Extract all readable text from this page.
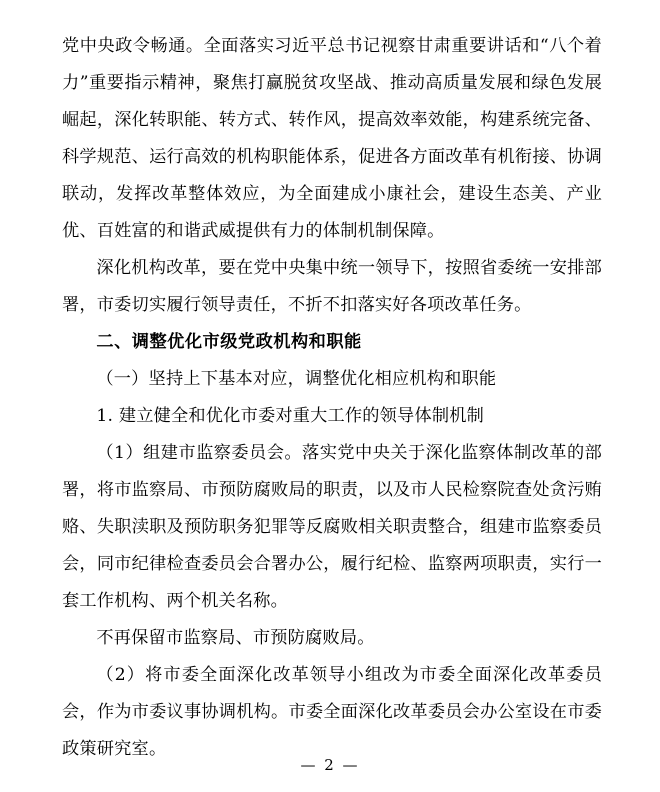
党中央政令畅通。全面落实习近平总书记视察甘肃重要讲话和“八个着力”重要指示精神，聚焦打赢脱贫攻坚战、推动高质量发展和绿色发展崛起，深化转职能、转方式、转作风，提高效率效能，构建系统完备、科学规范、运行高效的机构职能体系，促进各方面改革有机衔接、协调联动，发挥改革整体效应，为全面建成小康社会，建设生态美、产业优、百姓富的和谐武威提供有力的体制机制保障。

深化机构改革，要在党中央集中统一领导下，按照省委统一安排部署，市委切实履行领导责任，不折不扣落实好各项改革任务。

二、调整优化市级党政机构和职能

（一）坚持上下基本对应，调整优化相应机构和职能

1. 建立健全和优化市委对重大工作的领导体制机制

（1）组建市监察委员会。落实党中央关于深化监察体制改革的部署，将市监察局、市预防腐败局的职责，以及市人民检察院查处贪污贿赂、失职渎职及预防职务犯罪等反腐败相关职责整合，组建市监察委员会，同市纪律检查委员会合署办公，履行纪检、监察两项职责，实行一套工作机构、两个机关名称。

不再保留市监察局、市预防腐败局。

（2）将市委全面深化改革领导小组改为市委全面深化改革委员会，作为市委议事协调机构。市委全面深化改革委员会办公室设在市委政策研究室。

— 2 —
